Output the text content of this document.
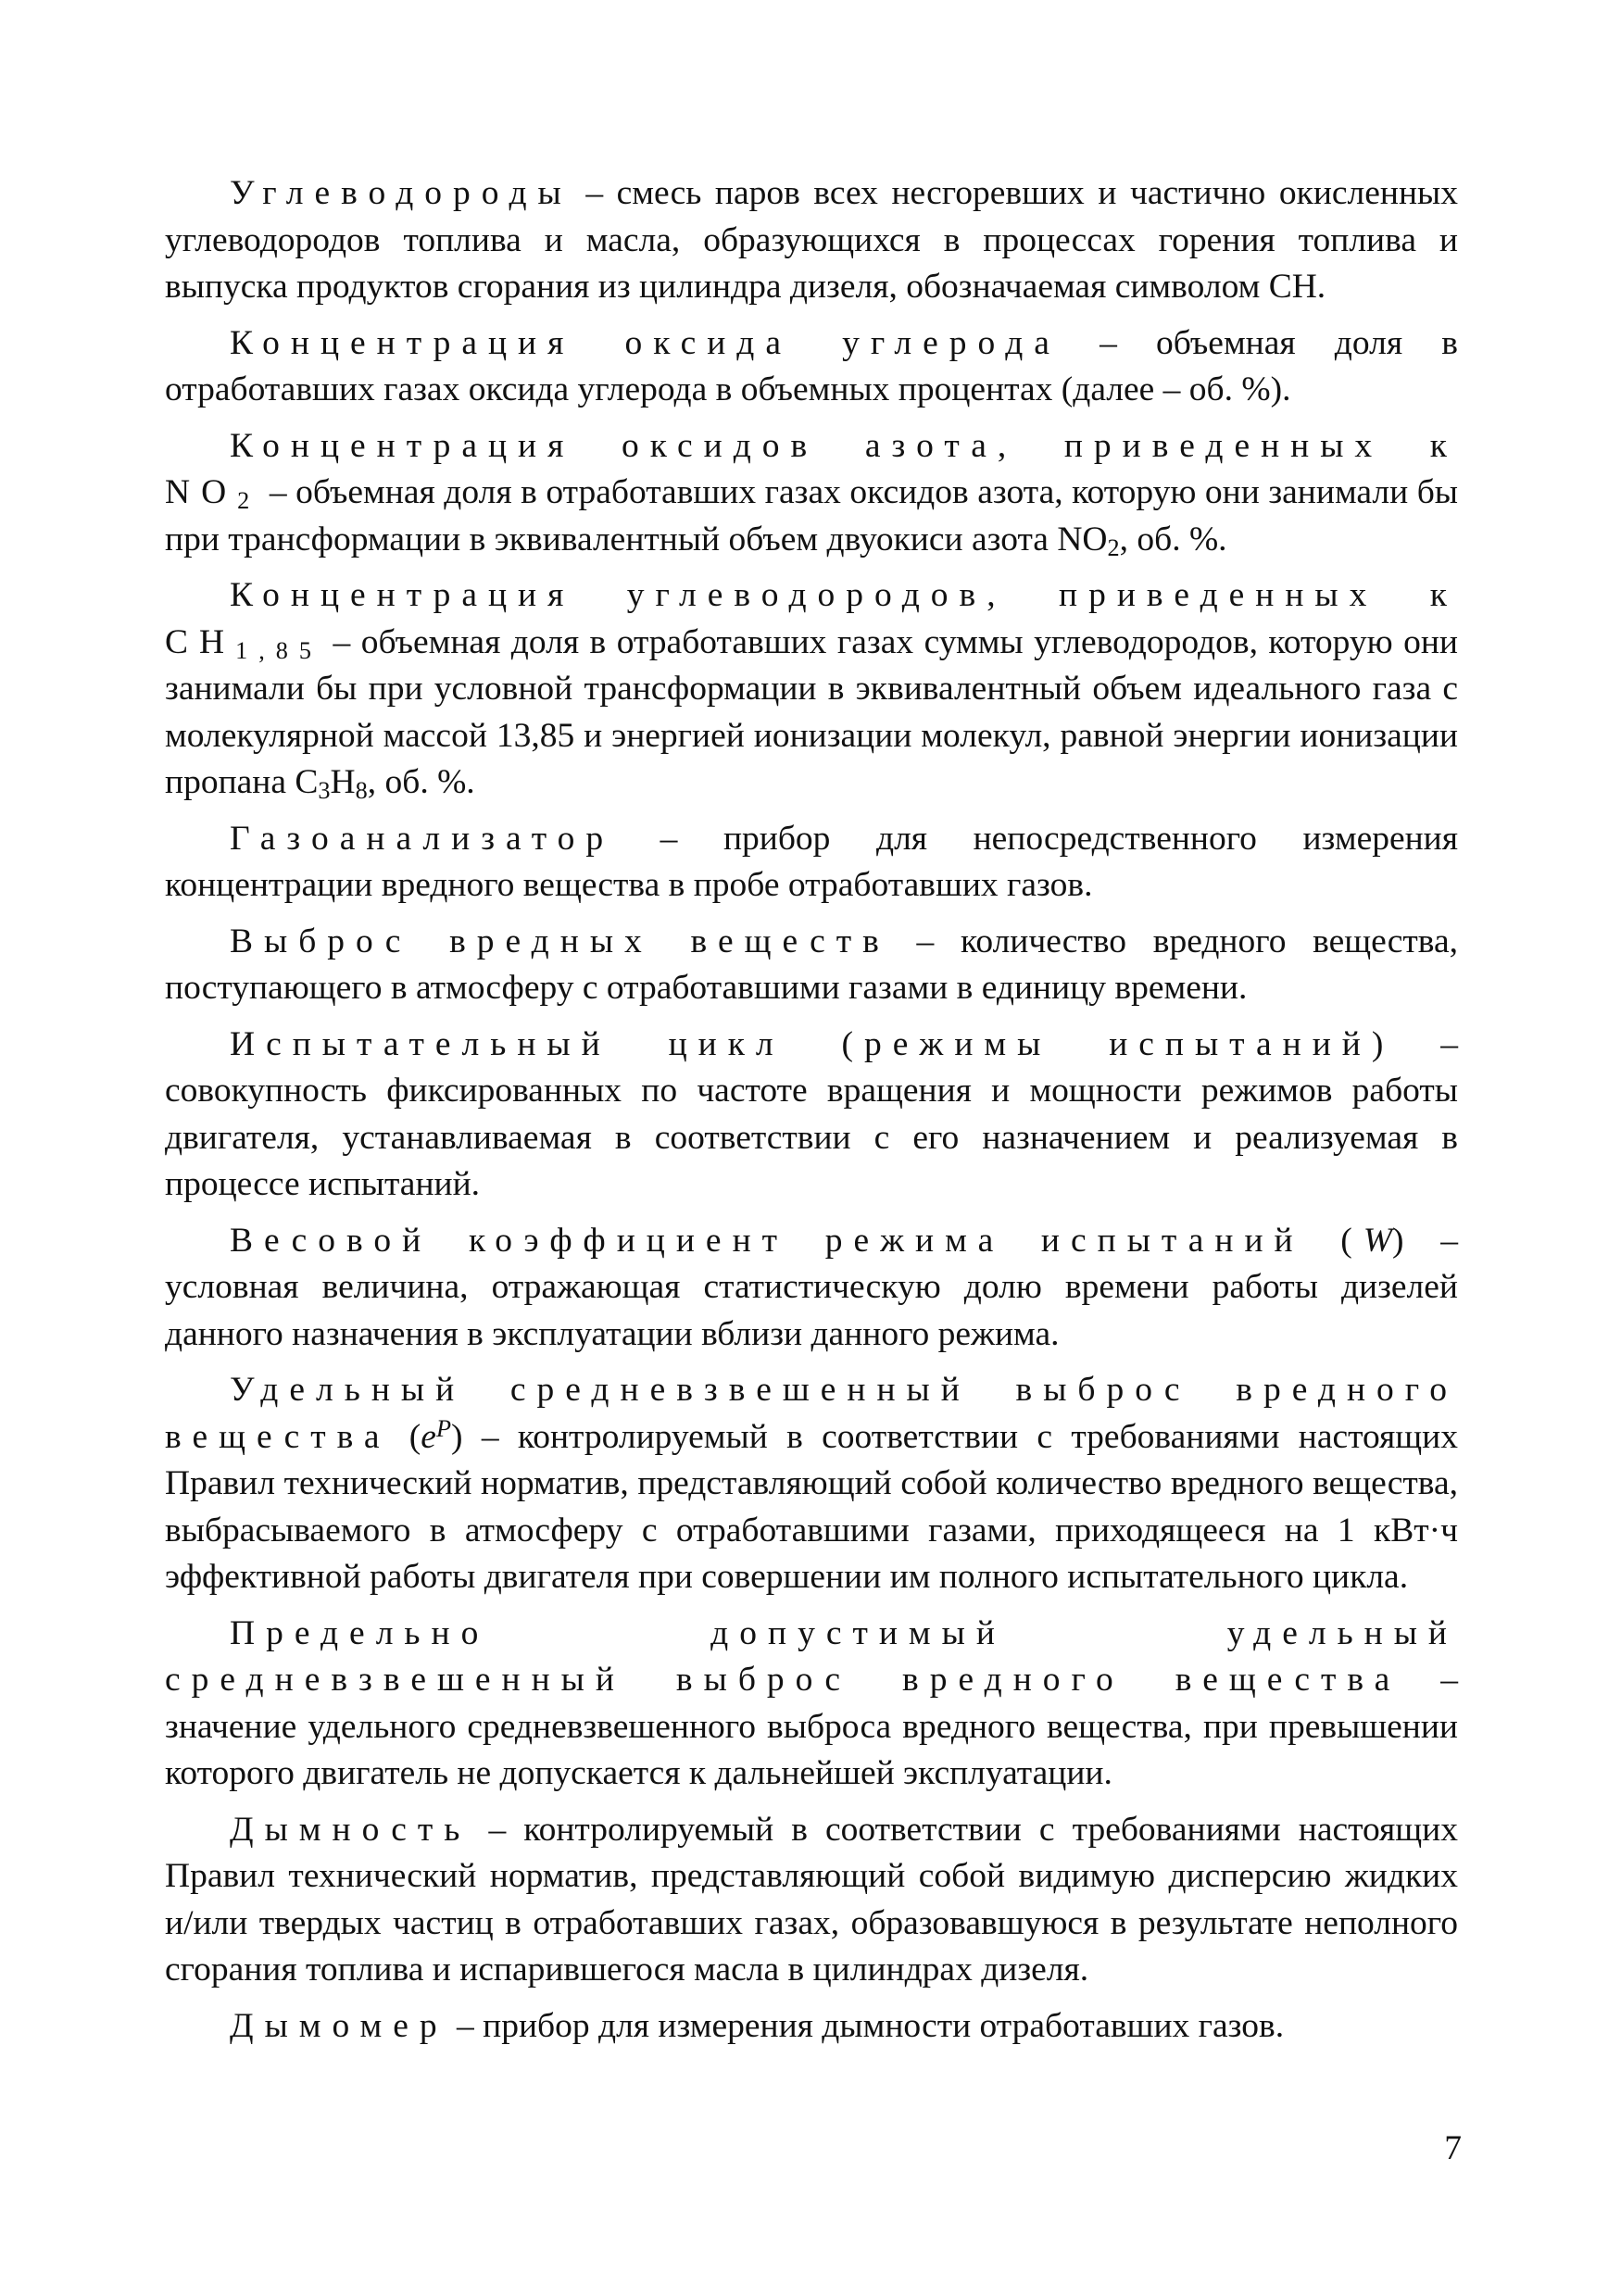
Углеводороды – смесь паров всех несгоревших и частично окисленных углеводородов топлива и масла, образующихся в процессах горения топлива и выпуска продуктов сгорания из цилиндра дизеля, обозначаемая символом СН.

Концентрация оксида углерода – объемная доля в отработавших газах оксида углерода в объемных процентах (далее – об. %).

Концентрация оксидов азота, приведенных к $NO_2$ – объемная доля в отработавших газах оксидов азота, которую они занимали бы при трансформации в эквивалентный объем двуокиси азота $NO_2$, об. %.

Концентрация углеводородов, приведенных к $СН_{1,85}$ – объемная доля в отработавших газах суммы углеводородов, которую они занимали бы при условной трансформации в эквивалентный объем идеального газа с молекулярной массой 13,85 и энергией ионизации молекул, равной энергии ионизации пропана $С_3Н_8$, об. %.

Газоанализатор – прибор для непосредственного измерения концентрации вредного вещества в пробе отработавших газов.

Выброс вредных веществ – количество вредного вещества, поступающего в атмосферу с отработавшими газами в единицу времени.

Испытательный цикл (режимы испытаний) – совокупность фиксированных по частоте вращения и мощности режимов работы двигателя, устанавливаемая в соответствии с его назначением и реализуемая в процессе испытаний.

Весовой коэффициент режима испытаний (W) – условная величина, отражающая статистическую долю времени работы дизелей данного назначения в эксплуатации вблизи данного режима.

Удельный средневзвешенный выброс вредного вещества $(e^P)$ – контролируемый в соответствии с требованиями настоящих Правил технический норматив, представляющий собой количество вредного вещества, выбрасываемого в атмосферу с отработавшими газами, приходящееся на 1 кВт·ч эффективной работы двигателя при совершении им полного испытательного цикла.

Предельно допустимый удельный средневзвешенный выброс вредного вещества – значение удельного средневзвешенного выброса вредного вещества, при превышении которого двигатель не допускается к дальнейшей эксплуатации.

Дымность – контролируемый в соответствии с требованиями настоящих Правил технический норматив, представляющий собой видимую дисперсию жидких и/или твердых частиц в отработавших газах, образовавшуюся в результате неполного сгорания топлива и испарившегося масла в цилиндрах дизеля.

Дымомер – прибор для измерения дымности отработавших газов.

7
